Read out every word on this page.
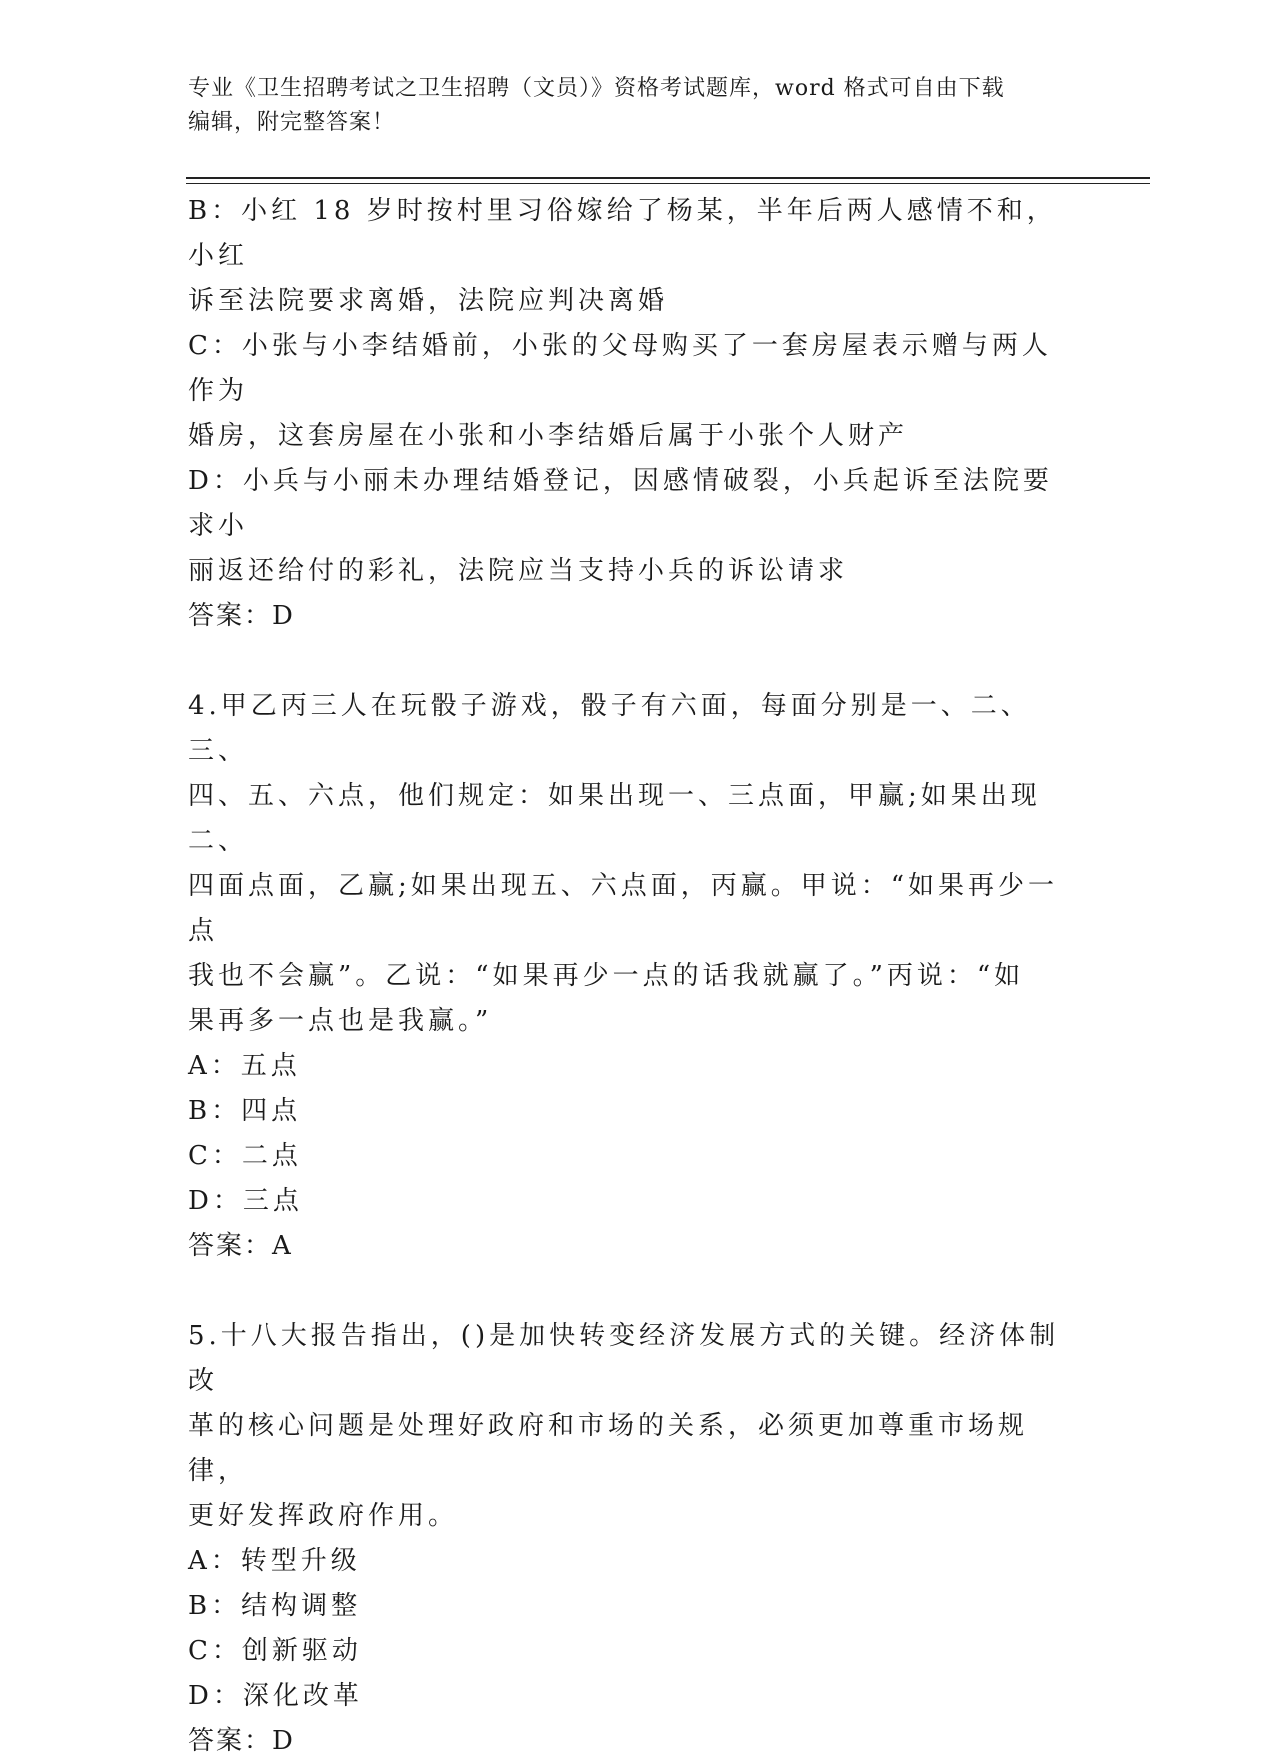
专业《卫生招聘考试之卫生招聘（文员）》资格考试题库，word 格式可自由下载
编辑，附完整答案！

B：小红 18 岁时按村里习俗嫁给了杨某，半年后两人感情不和，小红

诉至法院要求离婚，法院应判决离婚

C：小张与小李结婚前，小张的父母购买了一套房屋表示赠与两人作为

婚房，这套房屋在小张和小李结婚后属于小张个人财产

D：小兵与小丽未办理结婚登记，因感情破裂，小兵起诉至法院要求小

丽返还给付的彩礼，法院应当支持小兵的诉讼请求

答案：D

4.甲乙丙三人在玩骰子游戏，骰子有六面，每面分别是一、二、三、

四、五、六点，他们规定：如果出现一、三点面，甲赢;如果出现二、

四面点面，乙赢;如果出现五、六点面，丙赢。甲说：“如果再少一点

我也不会赢”。乙说：“如果再少一点的话我就赢了。”丙说：“如

果再多一点也是我赢。”

A：五点

B：四点

C：二点

D：三点

答案：A

5.十八大报告指出，()是加快转变经济发展方式的关键。经济体制改

革的核心问题是处理好政府和市场的关系，必须更加尊重市场规律，

更好发挥政府作用。

A：转型升级

B：结构调整

C：创新驱动

D：深化改革

答案：D
